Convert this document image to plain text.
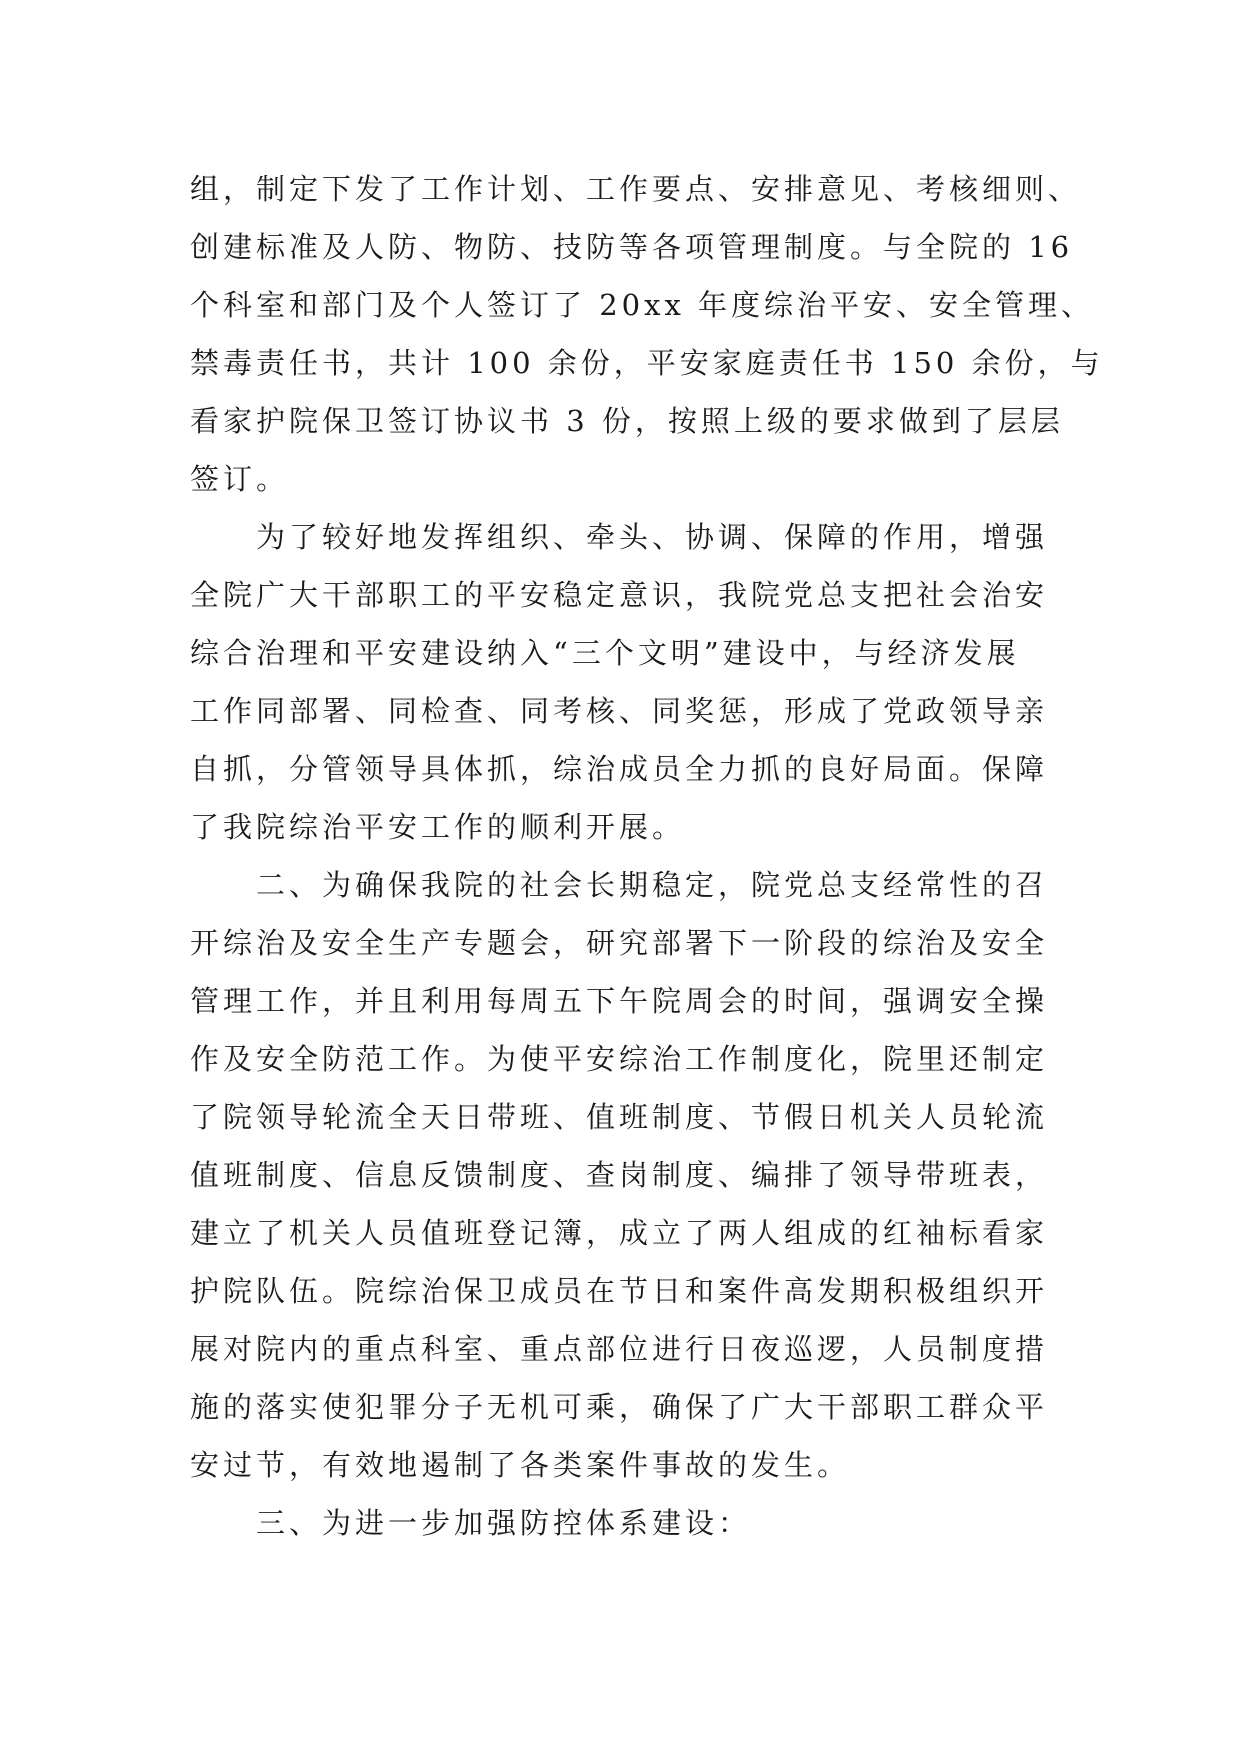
组，制定下发了工作计划、工作要点、安排意见、考核细则、
创建标准及人防、物防、技防等各项管理制度。与全院的 16
个科室和部门及个人签订了 20xx 年度综治平安、安全管理、
禁毒责任书，共计 100 余份，平安家庭责任书 150 余份，与
看家护院保卫签订协议书 3 份，按照上级的要求做到了层层
签订。
为了较好地发挥组织、牵头、协调、保障的作用，增强
全院广大干部职工的平安稳定意识，我院党总支把社会治安
综合治理和平安建设纳入“三个文明”建设中，与经济发展
工作同部署、同检查、同考核、同奖惩，形成了党政领导亲
自抓，分管领导具体抓，综治成员全力抓的良好局面。保障
了我院综治平安工作的顺利开展。
二、为确保我院的社会长期稳定，院党总支经常性的召
开综治及安全生产专题会，研究部署下一阶段的综治及安全
管理工作，并且利用每周五下午院周会的时间，强调安全操
作及安全防范工作。为使平安综治工作制度化，院里还制定
了院领导轮流全天日带班、值班制度、节假日机关人员轮流
值班制度、信息反馈制度、查岗制度、编排了领导带班表，
建立了机关人员值班登记簿，成立了两人组成的红袖标看家
护院队伍。院综治保卫成员在节日和案件高发期积极组织开
展对院内的重点科室、重点部位进行日夜巡逻，人员制度措
施的落实使犯罪分子无机可乘，确保了广大干部职工群众平
安过节，有效地遏制了各类案件事故的发生。
三、为进一步加强防控体系建设：
